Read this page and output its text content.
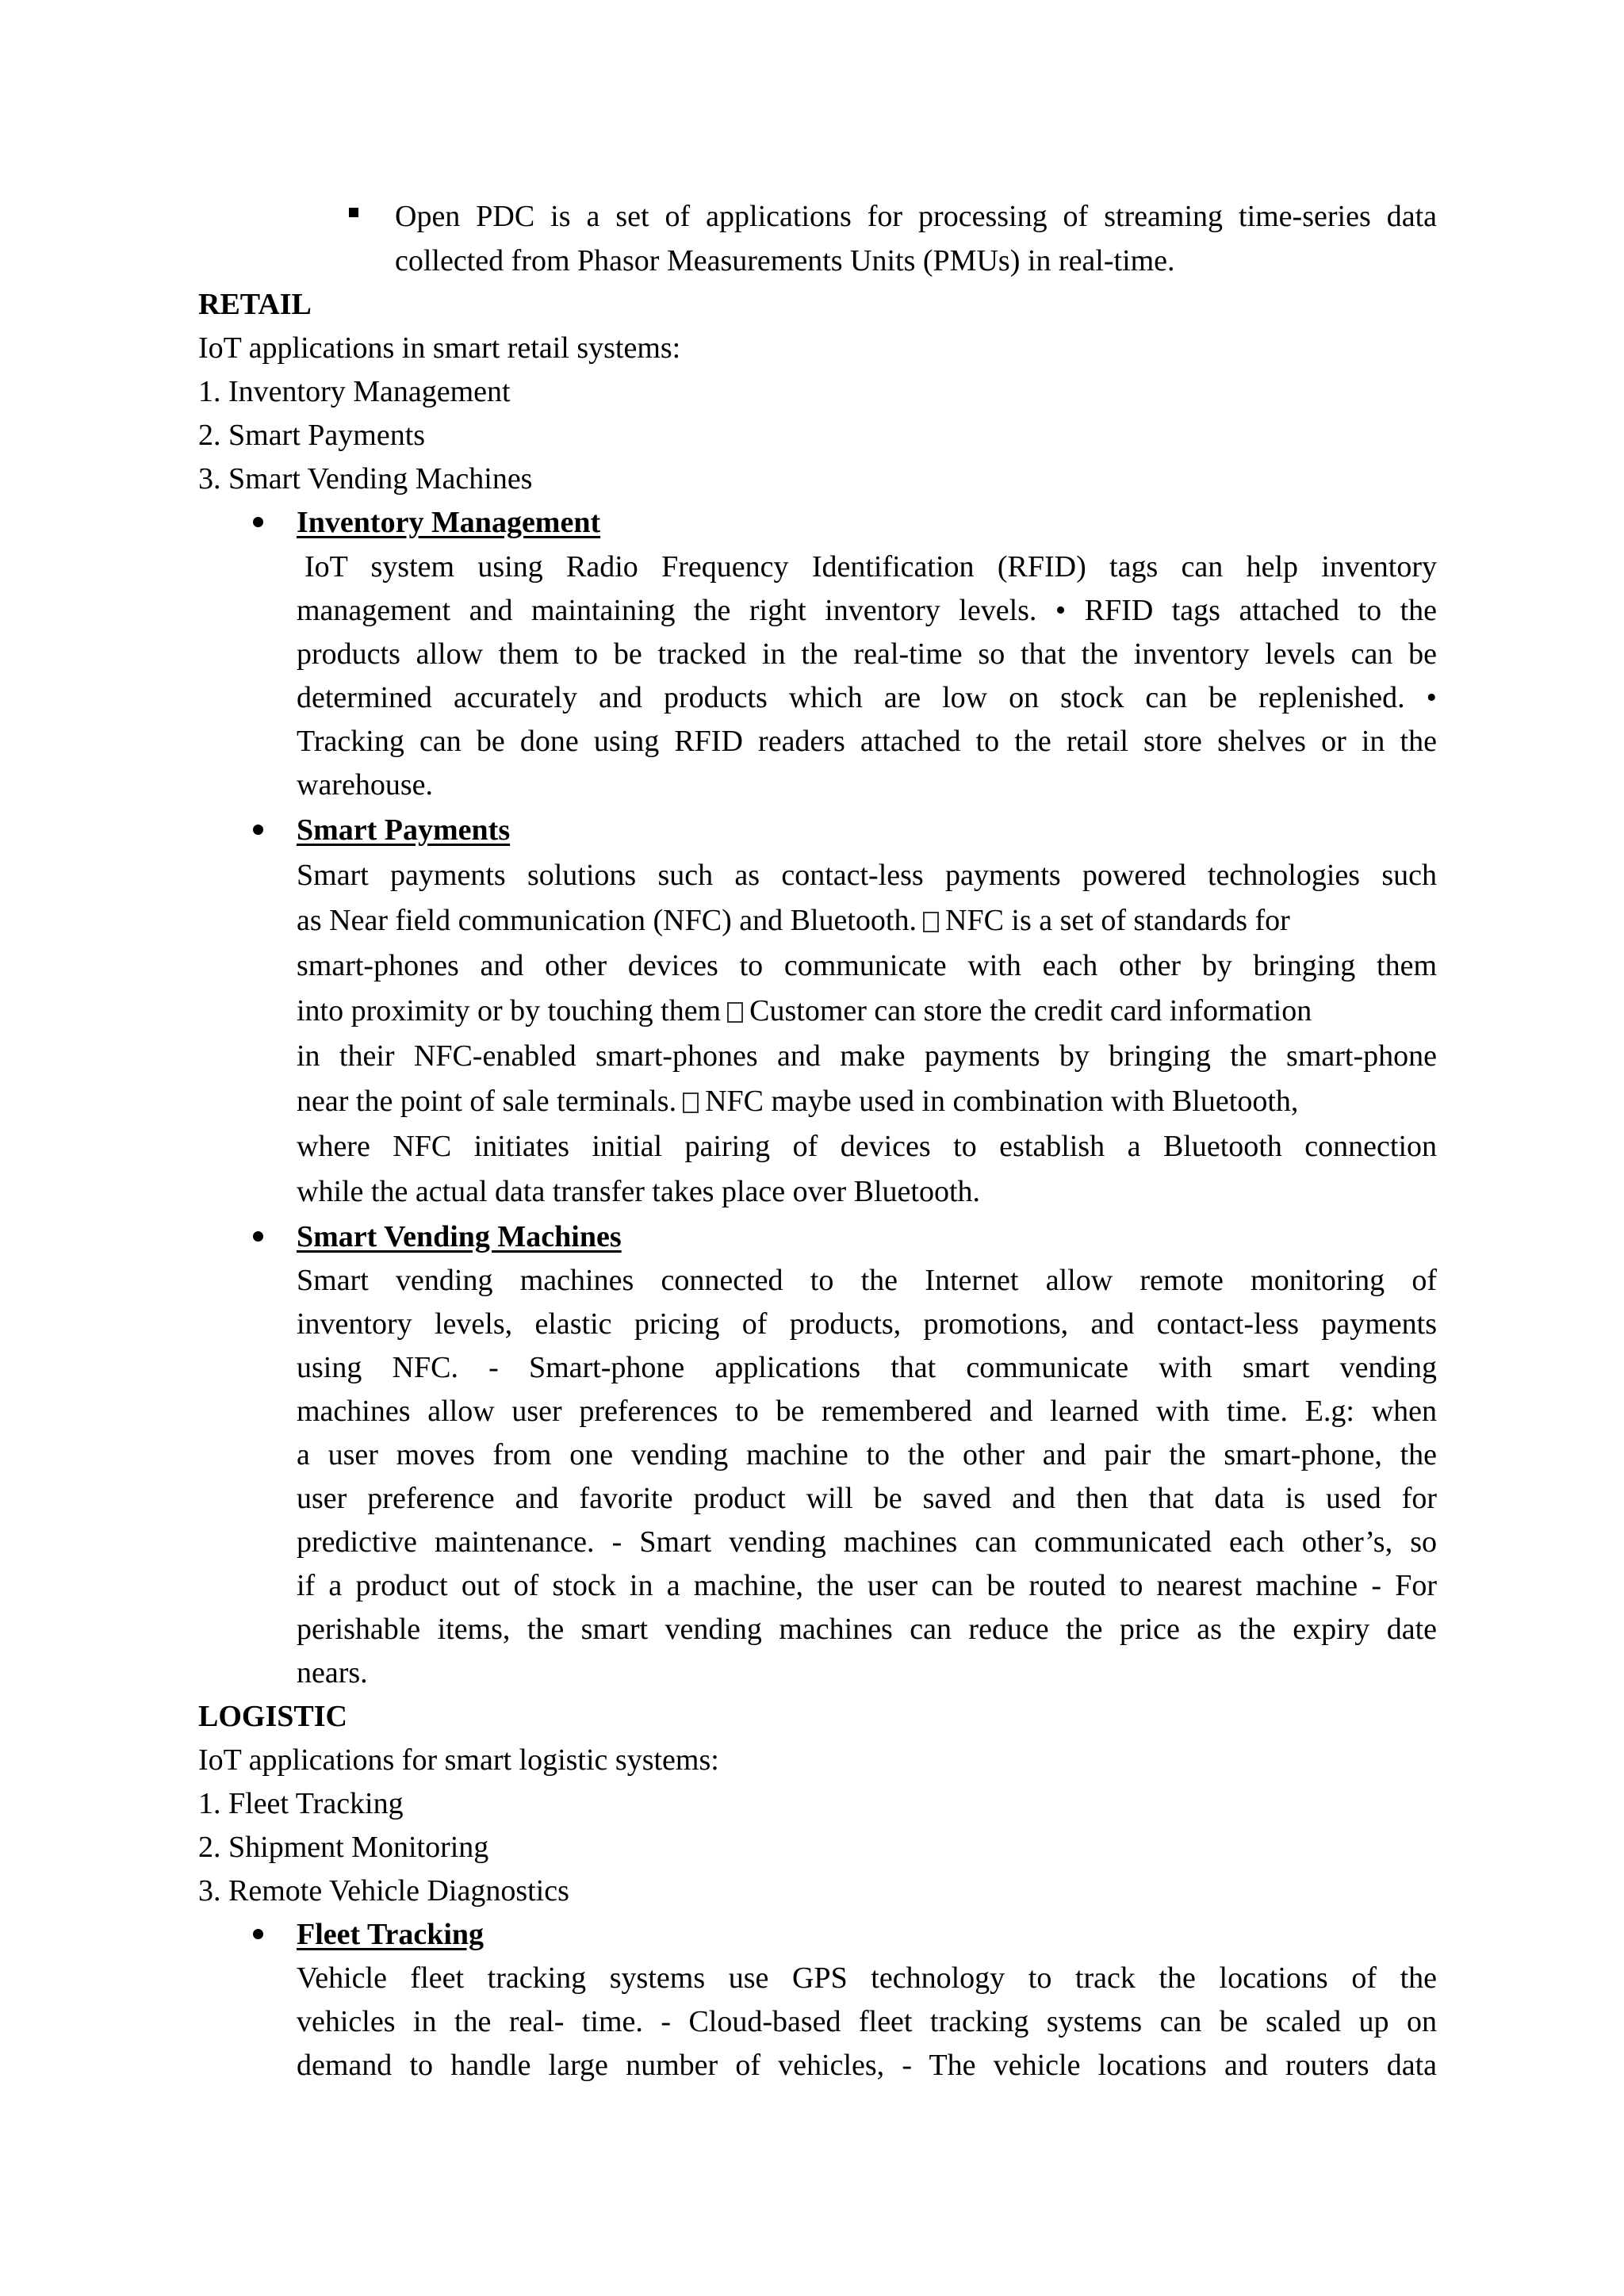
Open PDC is a set of applications for processing of streaming time-series data
collected from Phasor Measurements Units (PMUs) in real-time.
RETAIL
IoT applications in smart retail systems:
1. Inventory Management
2. Smart Payments
3. Smart Vending Machines
Inventory Management
IoT system using Radio Frequency Identification (RFID) tags can help inventory
management and maintaining the right inventory levels. • RFID tags attached to the
products allow them to be tracked in the real-time so that the inventory levels can be
determined accurately and products which are low on stock can be replenished. •
Tracking can be done using RFID readers attached to the retail store shelves or in the
warehouse.
Smart Payments
Smart payments solutions such as contact-less payments powered technologies such
as Near field communication (NFC) and Bluetooth. NFC is a set of standards for
smart-phones and other devices to communicate with each other by bringing them
into proximity or by touching them Customer can store the credit card information
in their NFC-enabled smart-phones and make payments by bringing the smart-phone
near the point of sale terminals. NFC maybe used in combination with Bluetooth,
where NFC initiates initial pairing of devices to establish a Bluetooth connection
while the actual data transfer takes place over Bluetooth.
Smart Vending Machines
Smart vending machines connected to the Internet allow remote monitoring of
inventory levels, elastic pricing of products, promotions, and contact-less payments
using NFC. - Smart-phone applications that communicate with smart vending
machines allow user preferences to be remembered and learned with time. E.g: when
a user moves from one vending machine to the other and pair the smart-phone, the
user preference and favorite product will be saved and then that data is used for
predictive maintenance. - Smart vending machines can communicated each other’s, so
if a product out of stock in a machine, the user can be routed to nearest machine - For
perishable items, the smart vending machines can reduce the price as the expiry date
nears.
LOGISTIC
IoT applications for smart logistic systems:
1. Fleet Tracking
2. Shipment Monitoring
3. Remote Vehicle Diagnostics
Fleet Tracking
Vehicle fleet tracking systems use GPS technology to track the locations of the
vehicles in the real- time. - Cloud-based fleet tracking systems can be scaled up on
demand to handle large number of vehicles, - The vehicle locations and routers data
